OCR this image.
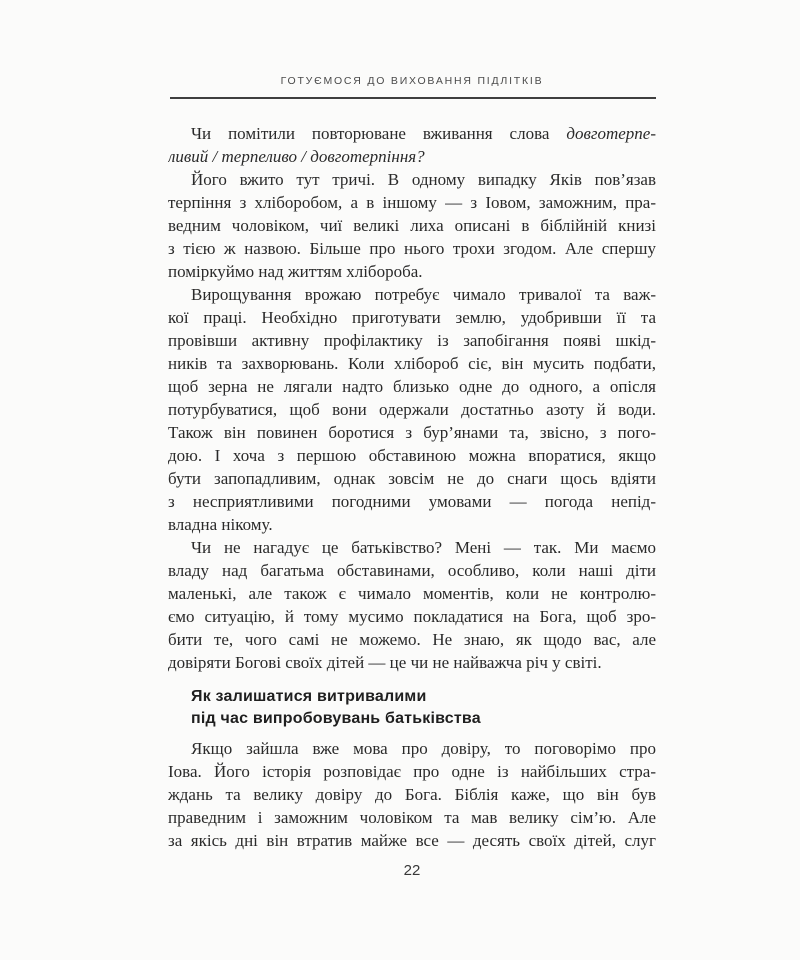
ГОТУЄМОСЯ ДО ВИХОВАННЯ ПІДЛІТКІВ
Чи помітили повторюване вживання слова довготерпе-
ливий / терпеливо / довготерпіння?
Його вжито тут тричі. В одному випадку Яків пов’язав
терпіння з хліборобом, а в іншому — з Іовом, заможним, пра-
ведним чоловіком, чиї великі лиха описані в біблійній книзі
з тією ж назвою. Більше про нього трохи згодом. Але спершу
поміркуймо над життям хлібороба.
Вирощування врожаю потребує чимало тривалої та важ-
кої праці. Необхідно приготувати землю, удобривши її та
провівши активну профілактику із запобігання появі шкід-
ників та захворювань. Коли хлібороб сіє, він мусить подбати,
щоб зерна не лягали надто близько одне до одного, а опісля
потурбуватися, щоб вони одержали достатньо азоту й води.
Також він повинен боротися з бур’янами та, звісно, з пого-
дою. І хоча з першою обставиною можна впоратися, якщо
бути запопадливим, однак зовсім не до снаги щось вдіяти
з несприятливими погодними умовами — погода непід-
владна нікому.
Чи не нагадує це батьківство? Мені — так. Ми маємо
владу над багатьма обставинами, особливо, коли наші діти
маленькі, але також є чимало моментів, коли не контролю-
ємо ситуацію, й тому мусимо покладатися на Бога, щоб зро-
бити те, чого самі не можемо. Не знаю, як щодо вас, але
довіряти Богові своїх дітей — це чи не найважча річ у світі.
Як залишатися витривалими
під час випробовувань батьківства
Якщо зайшла вже мова про довіру, то поговорімо про
Іова. Його історія розповідає про одне із найбільших стра-
ждань та велику довіру до Бога. Біблія каже, що він був
праведним і заможним чоловіком та мав велику сім’ю. Але
за якісь дні він втратив майже все — десять своїх дітей, слуг
22
